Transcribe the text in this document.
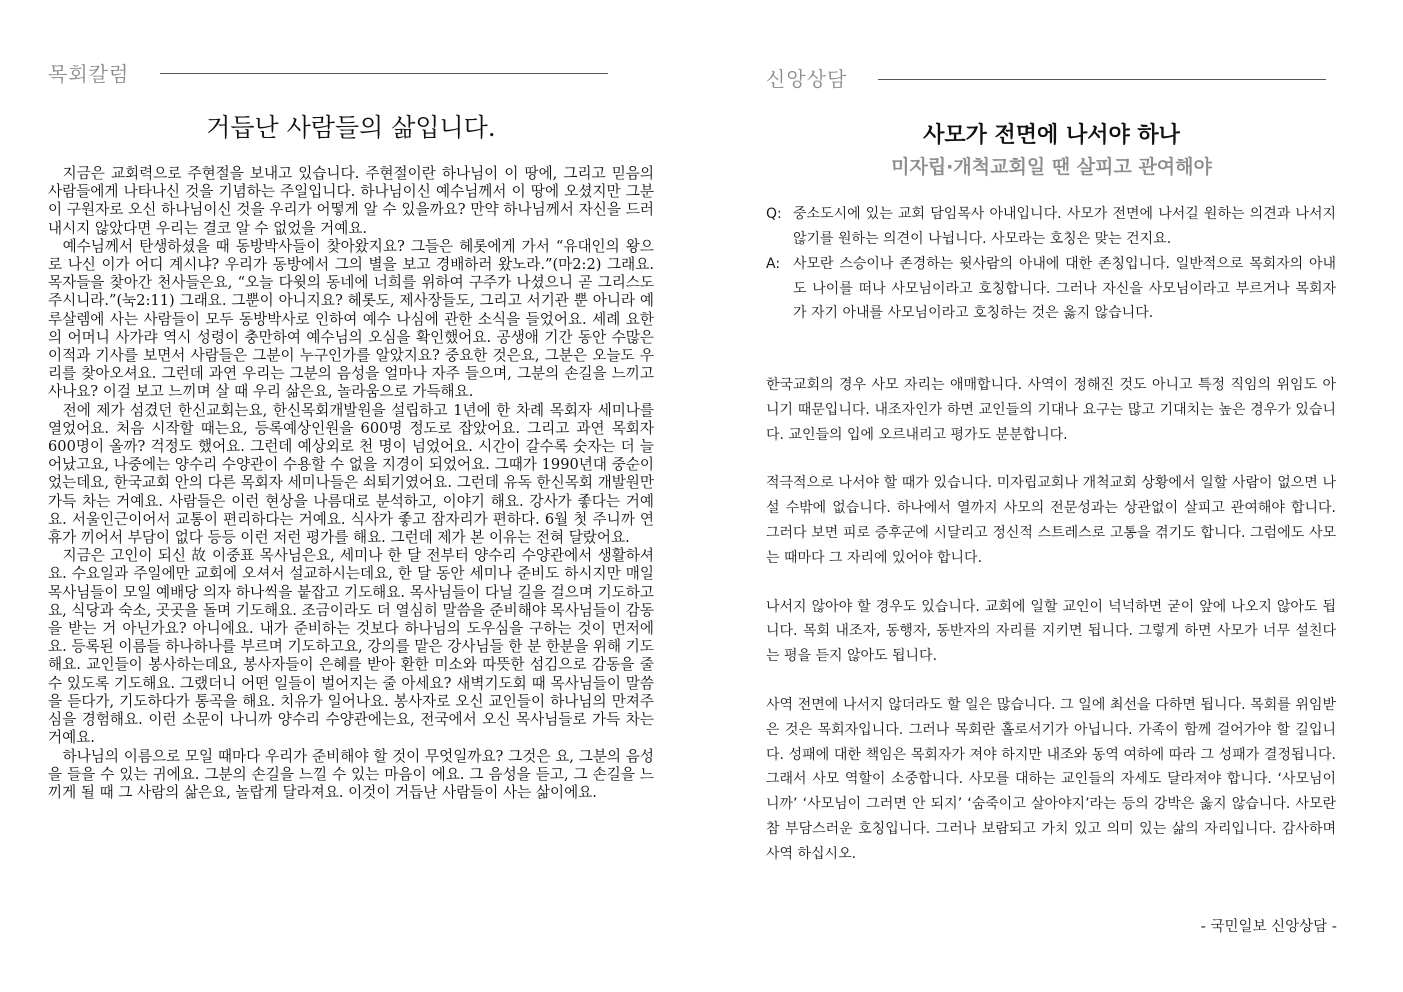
목회칼럼
거듭난 사람들의 삶입니다.

지금은 교회력으로 주현절을 보내고 있습니다. 주현절이란 하나님이 이 땅에, 그리고 믿음의 사람들에게 나타나신 것을 기념하는 주일입니다. 하나님이신 예수님께서 이 땅에 오셨지만 그분이 구원자로 오신 하나님이신 것을 우리가 어떻게 알 수 있을까요? 만약 하나님께서 자신을 드러내시지 않았다면 우리는 결코 알 수 없었을 거예요.

예수님께서 탄생하셨을 때 동방박사들이 찾아왔지요? 그들은 헤롯에게 가서 “유대인의 왕으로 나신 이가 어디 계시냐? 우리가 동방에서 그의 별을 보고 경배하러 왔노라.”(마2:2) 그래요. 목자들을 찾아간 천사들은요, “오늘 다윗의 동네에 너희를 위하여 구주가 나셨으니 곧 그리스도 주시니라.”(눅2:11) 그래요. 그뿐이 아니지요? 헤롯도, 제사장들도, 그리고 서기관 뿐 아니라 예루살렘에 사는 사람들이 모두 동방박사로 인하여 예수 나심에 관한 소식을 들었어요. 세례 요한의 어머니 사가랴 역시 성령이 충만하여 예수님의 오심을 확인했어요. 공생애 기간 동안 수많은 이적과 기사를 보면서 사람들은 그분이 누구인가를 알았지요? 중요한 것은요, 그분은 오늘도 우리를 찾아오셔요. 그런데 과연 우리는 그분의 음성을 얼마나 자주 들으며, 그분의 손길을 느끼고 사나요? 이걸 보고 느끼며 살 때 우리 삶은요, 놀라움으로 가득해요.

전에 제가 섬겼던 한신교회는요, 한신목회개발원을 설립하고 1년에 한 차례 목회자 세미나를 열었어요. 처음 시작할 때는요, 등록예상인원을 600명 정도로 잡았어요. 그리고 과연 목회자 600명이 올까? 걱정도 했어요. 그런데 예상외로 천 명이 넘었어요. 시간이 갈수록 숫자는 더 늘어났고요, 나중에는 양수리 수양관이 수용할 수 없을 지경이 되었어요. 그때가 1990년대 중순이었는데요, 한국교회 안의 다른 목회자 세미나들은 쇠퇴기였어요. 그런데 유독 한신목회 개발원만 가득 차는 거예요. 사람들은 이런 현상을 나름대로 분석하고, 이야기 해요. 강사가 좋다는 거예요. 서울인근이어서 교통이 편리하다는 거예요. 식사가 좋고 잠자리가 편하다. 6월 첫 주니까 연휴가 끼어서 부담이 없다 등등 이런 저런 평가를 해요. 그런데 제가 본 이유는 전혀 달랐어요.

지금은 고인이 되신 故 이중표 목사님은요, 세미나 한 달 전부터 양수리 수양관에서 생활하셔요. 수요일과 주일에만 교회에 오셔서 설교하시는데요, 한 달 동안 세미나 준비도 하시지만 매일 목사님들이 모일 예배당 의자 하나씩을 붙잡고 기도해요. 목사님들이 다닐 길을 걸으며 기도하고요, 식당과 숙소, 곳곳을 돌며 기도해요. 조금이라도 더 열심히 말씀을 준비해야 목사님들이 감동을 받는 거 아닌가요? 아니에요. 내가 준비하는 것보다 하나님의 도우심을 구하는 것이 먼저에요. 등록된 이름들 하나하나를 부르며 기도하고요, 강의를 맡은 강사님들 한 분 한분을 위해 기도해요. 교인들이 봉사하는데요, 봉사자들이 은혜를 받아 환한 미소와 따뜻한 섬김으로 감동을 줄 수 있도록 기도해요. 그랬더니 어떤 일들이 벌어지는 줄 아세요? 새벽기도회 때 목사님들이 말씀을 듣다가, 기도하다가 통곡을 해요. 치유가 일어나요. 봉사자로 오신 교인들이 하나님의 만져주심을 경험해요. 이런 소문이 나니까 양수리 수양관에는요, 전국에서 오신 목사님들로 가득 차는 거예요.

하나님의 이름으로 모일 때마다 우리가 준비해야 할 것이 무엇일까요? 그것은 요, 그분의 음성을 들을 수 있는 귀에요. 그분의 손길을 느낄 수 있는 마음이 에요. 그 음성을 듣고, 그 손길을 느끼게 될 때 그 사람의 삶은요, 놀랍게 달라져요. 이것이 거듭난 사람들이 사는 삶이에요.

신앙상담
사모가 전면에 나서야 하나
미자립·개척교회일 땐 살피고 관여해야
Q: 중소도시에 있는 교회 담임목사 아내입니다. 사모가 전면에 나서길 원하는 의견과 나서지 않기를 원하는 의견이 나뉩니다. 사모라는 호칭은 맞는 건지요.
A: 사모란 스승이나 존경하는 윗사람의 아내에 대한 존칭입니다. 일반적으로 목회자의 아내도 나이를 떠나 사모님이라고 호칭합니다. 그러나 자신을 사모님이라고 부르거나 목회자가 자기 아내를 사모님이라고 호칭하는 것은 옳지 않습니다.

한국교회의 경우 사모 자리는 애매합니다. 사역이 정해진 것도 아니고 특정 직임의 위임도 아니기 때문입니다. 내조자인가 하면 교인들의 기대나 요구는 많고 기대치는 높은 경우가 있습니다. 교인들의 입에 오르내리고 평가도 분분합니다.

적극적으로 나서야 할 때가 있습니다. 미자립교회나 개척교회 상황에서 일할 사람이 없으면 나설 수밖에 없습니다. 하나에서 열까지 사모의 전문성과는 상관없이 살피고 관여해야 합니다. 그러다 보면 피로 증후군에 시달리고 정신적 스트레스로 고통을 겪기도 합니다. 그럼에도 사모는 때마다 그 자리에 있어야 합니다.

나서지 않아야 할 경우도 있습니다. 교회에 일할 교인이 넉넉하면 굳이 앞에 나오지 않아도 됩니다. 목회 내조자, 동행자, 동반자의 자리를 지키면 됩니다. 그렇게 하면 사모가 너무 설친다는 평을 듣지 않아도 됩니다.

사역 전면에 나서지 않더라도 할 일은 많습니다. 그 일에 최선을 다하면 됩니다. 목회를 위임받은 것은 목회자입니다. 그러나 목회란 홀로서기가 아닙니다. 가족이 함께 걸어가야 할 길입니다. 성패에 대한 책임은 목회자가 져야 하지만 내조와 동역 여하에 따라 그 성패가 결정됩니다. 그래서 사모 역할이 소중합니다. 사모를 대하는 교인들의 자세도 달라져야 합니다. ‘사모님이니까’ ‘사모님이 그러면 안 되지’ ‘숨죽이고 살아야지’라는 등의 강박은 옳지 않습니다. 사모란 참 부담스러운 호칭입니다. 그러나 보람되고 가치 있고 의미 있는 삶의 자리입니다. 감사하며 사역 하십시오.

- 국민일보 신앙상담 -
